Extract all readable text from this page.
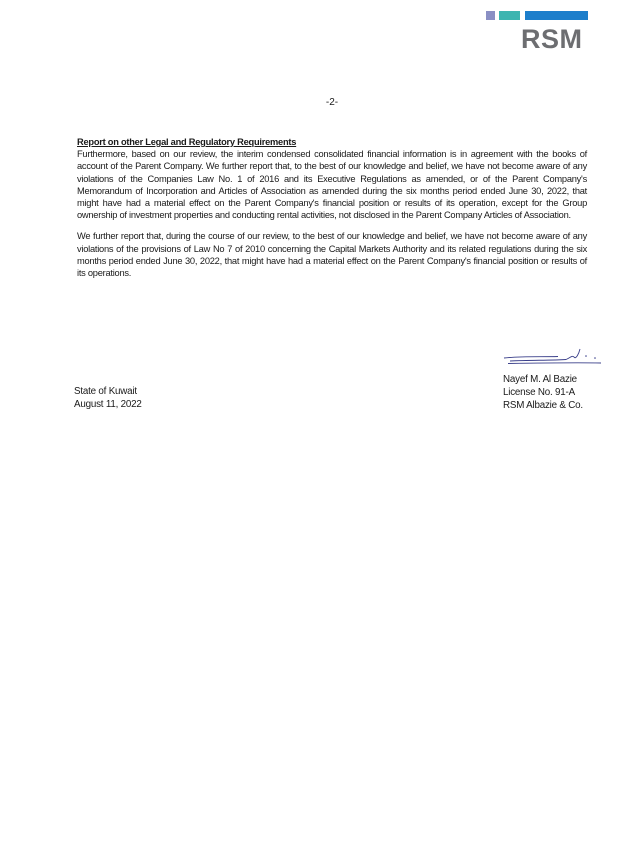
RSM
-2-

Report on other Legal and Regulatory Requirements

Furthermore, based on our review, the interim condensed consolidated financial information is in agreement with the books of account of the Parent Company. We further report that, to the best of our knowledge and belief, we have not become aware of any violations of the Companies Law No. 1 of 2016 and its Executive Regulations as amended, or of the Parent Company's Memorandum of Incorporation and Articles of Association as amended during the six months period ended June 30, 2022, that might have had a material effect on the Parent Company's financial position or results of its operation, except for the Group ownership of investment properties and conducting rental activities, not disclosed in the Parent Company Articles of Association.

We further report that, during the course of our review, to the best of our knowledge and belief, we have not become aware of any violations of the provisions of Law No 7 of 2010 concerning the Capital Markets Authority and its related regulations during the six months period ended June 30, 2022, that might have had a material effect on the Parent Company's financial position or results of its operations.

State of Kuwait
August 11, 2022
Nayef M. Al Bazie
License No. 91-A
RSM Albazie & Co.
